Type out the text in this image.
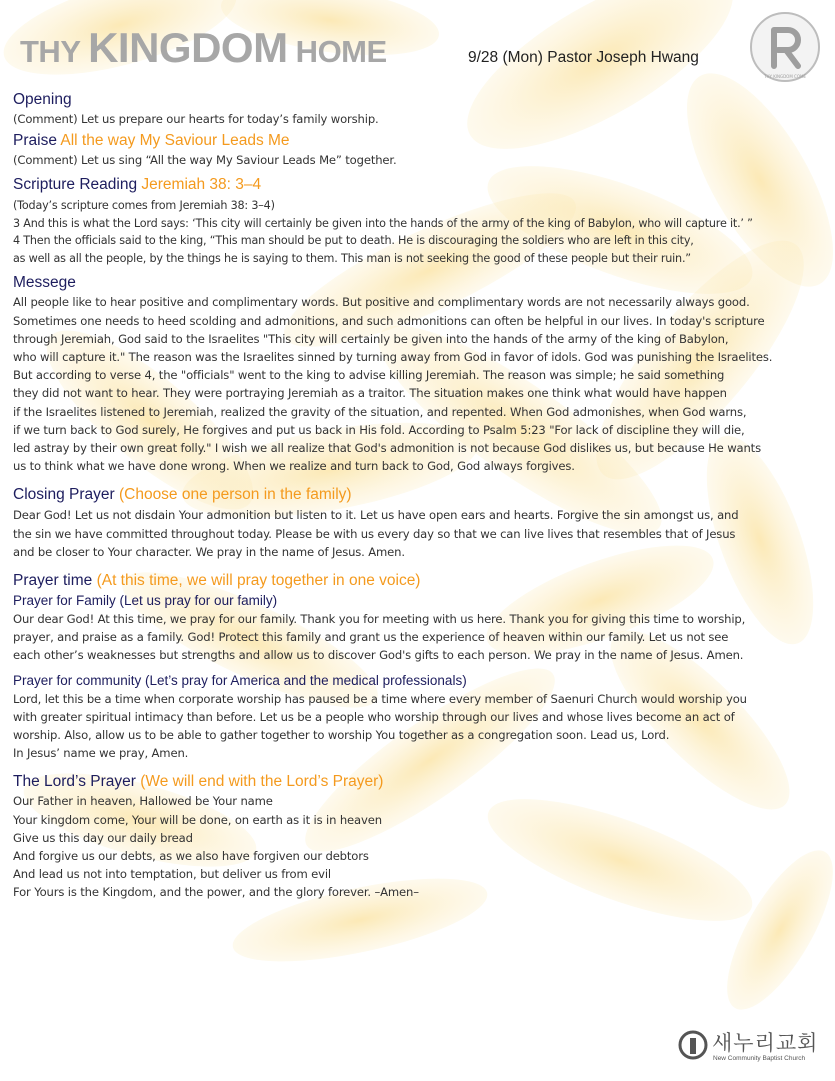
THY KINGDOM HOME	9/28 (Mon) Pastor Joseph Hwang
THY KINGDOM COME
Opening
(Comment) Let us prepare our hearts for today’s family worship.
Praise All the way My Saviour Leads Me
(Comment) Let us sing “All the way My Saviour Leads Me” together.
Scripture Reading Jeremiah 38: 3–4
(Today’s scripture comes from Jeremiah 38: 3–4)
3 And this is what the Lord says: ‘This city will certainly be given into the hands of the army of the king of Babylon, who will capture it.’ ”
4 Then the officials said to the king, “This man should be put to death. He is discouraging the soldiers who are left in this city,
as well as all the people, by the things he is saying to them. This man is not seeking the good of these people but their ruin.”
Messege
All people like to hear positive and complimentary words. But positive and complimentary words are not necessarily always good.
Sometimes one needs to heed scolding and admonitions, and such admonitions can often be helpful in our lives. In today's scripture
through Jeremiah, God said to the Israelites "This city will certainly be given into the hands of the army of the king of Babylon,
who will capture it." The reason was the Israelites sinned by turning away from God in favor of idols. God was punishing the Israelites.
But according to verse 4, the "officials" went to the king to advise killing Jeremiah. The reason was simple; he said something
they did not want to hear. They were portraying Jeremiah as a traitor. The situation makes one think what would have happen
if the Israelites listened to Jeremiah, realized the gravity of the situation, and repented. When God admonishes, when God warns,
if we turn back to God surely, He forgives and put us back in His fold. According to Psalm 5:23 "For lack of discipline they will die,
led astray by their own great folly." I wish we all realize that God's admonition is not because God dislikes us, but because He wants
us to think what we have done wrong. When we realize and turn back to God, God always forgives.
Closing Prayer (Choose one person in the family)
Dear God! Let us not disdain Your admonition but listen to it. Let us have open ears and hearts. Forgive the sin amongst us, and
the sin we have committed throughout today. Please be with us every day so that we can live lives that resembles that of Jesus
and be closer to Your character. We pray in the name of Jesus. Amen.
Prayer time (At this time, we will pray together in one voice)
Prayer for Family (Let us pray for our family)
Our dear God! At this time, we pray for our family. Thank you for meeting with us here. Thank you for giving this time to worship,
prayer, and praise as a family. God! Protect this family and grant us the experience of heaven within our family. Let us not see
each other’s weaknesses but strengths and allow us to discover God's gifts to each person. We pray in the name of Jesus. Amen.
Prayer for community (Let’s pray for America and the medical professionals)
Lord, let this be a time when corporate worship has paused be a time where every member of Saenuri Church would worship you
with greater spiritual intimacy than before. Let us be a people who worship through our lives and whose lives become an act of
worship. Also, allow us to be able to gather together to worship You together as a congregation soon. Lead us, Lord.
In Jesus’ name we pray, Amen.
The Lord’s Prayer (We will end with the Lord’s Prayer)
Our Father in heaven, Hallowed be Your name
Your kingdom come, Your will be done, on earth as it is in heaven
Give us this day our daily bread
And forgive us our debts, as we also have forgiven our debtors
And lead us not into temptation, but deliver us from evil
For Yours is the Kingdom, and the power, and the glory forever. –Amen–
새누리교회
New Community Baptist Church
